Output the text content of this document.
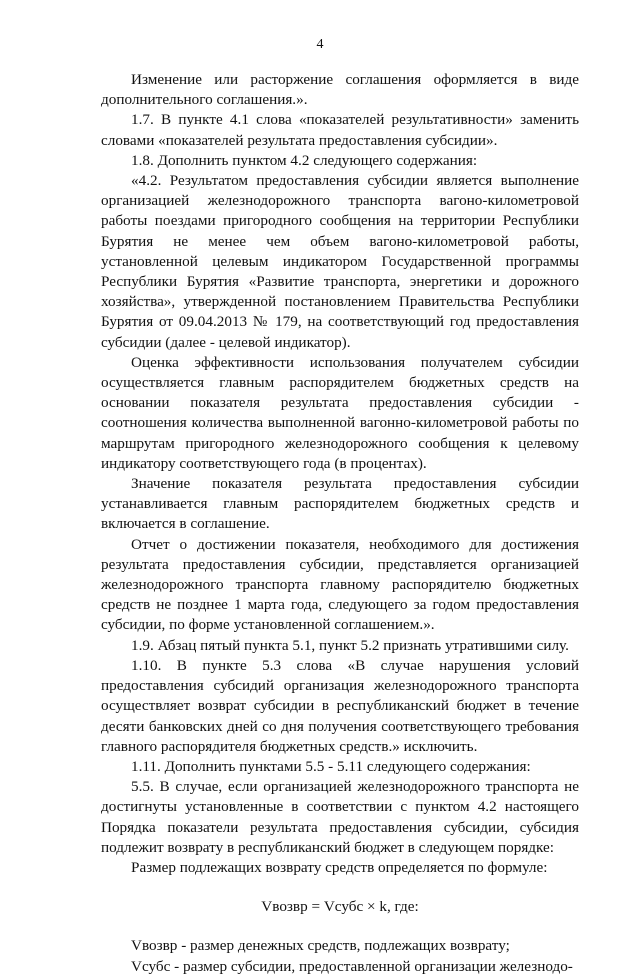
4

Изменение или расторжение соглашения оформляется в виде дополнительного соглашения.».

1.7. В пункте 4.1 слова «показателей результативности» заменить словами «показателей результата предоставления субсидии».

1.8. Дополнить пунктом 4.2 следующего содержания:

«4.2. Результатом предоставления субсидии является выполнение организацией железнодорожного транспорта вагоно-километровой работы поездами пригородного сообщения на территории Республики Бурятия не менее чем объем вагоно-километровой работы, установленной целевым индикатором Государственной программы Республики Бурятия «Развитие транспорта, энергетики и дорожного хозяйства», утвержденной постановлением Правительства Республики Бурятия от 09.04.2013 № 179, на соответствующий год предоставления субсидии (далее - целевой индикатор).

Оценка эффективности использования получателем субсидии осуществляется главным распорядителем бюджетных средств на основании показателя результата предоставления субсидии - соотношения количества выполненной вагонно-километровой работы по маршрутам пригородного железнодорожного сообщения к целевому индикатору соответствующего года (в процентах).

Значение показателя результата предоставления субсидии устанавливается главным распорядителем бюджетных средств и включается в соглашение.

Отчет о достижении показателя, необходимого для достижения результата предоставления субсидии, представляется организацией железнодорожного транспорта главному распорядителю бюджетных средств не позднее 1 марта года, следующего за годом предоставления субсидии, по форме установленной соглашением.».

1.9. Абзац пятый пункта 5.1, пункт 5.2 признать утратившими силу.

1.10. В пункте 5.3 слова «В случае нарушения условий предоставления субсидий организация железнодорожного транспорта осуществляет возврат субсидии в республиканский бюджет в течение десяти банковских дней со дня получения соответствующего требования главного распорядителя бюджетных средств.» исключить.

1.11. Дополнить пунктами 5.5 - 5.11 следующего содержания:

5.5. В случае, если организацией железнодорожного транспорта не достигнуты установленные в соответствии с пунктом 4.2 настоящего Порядка показатели результата предоставления субсидии, субсидия подлежит возврату в республиканский бюджет в следующем порядке:

Размер подлежащих возврату средств определяется по формуле:

Vвозвр = Vсубс × k, где:

Vвозвр - размер денежных средств, подлежащих возврату;

Vсубс - размер субсидии, предоставленной организации железнодо-
